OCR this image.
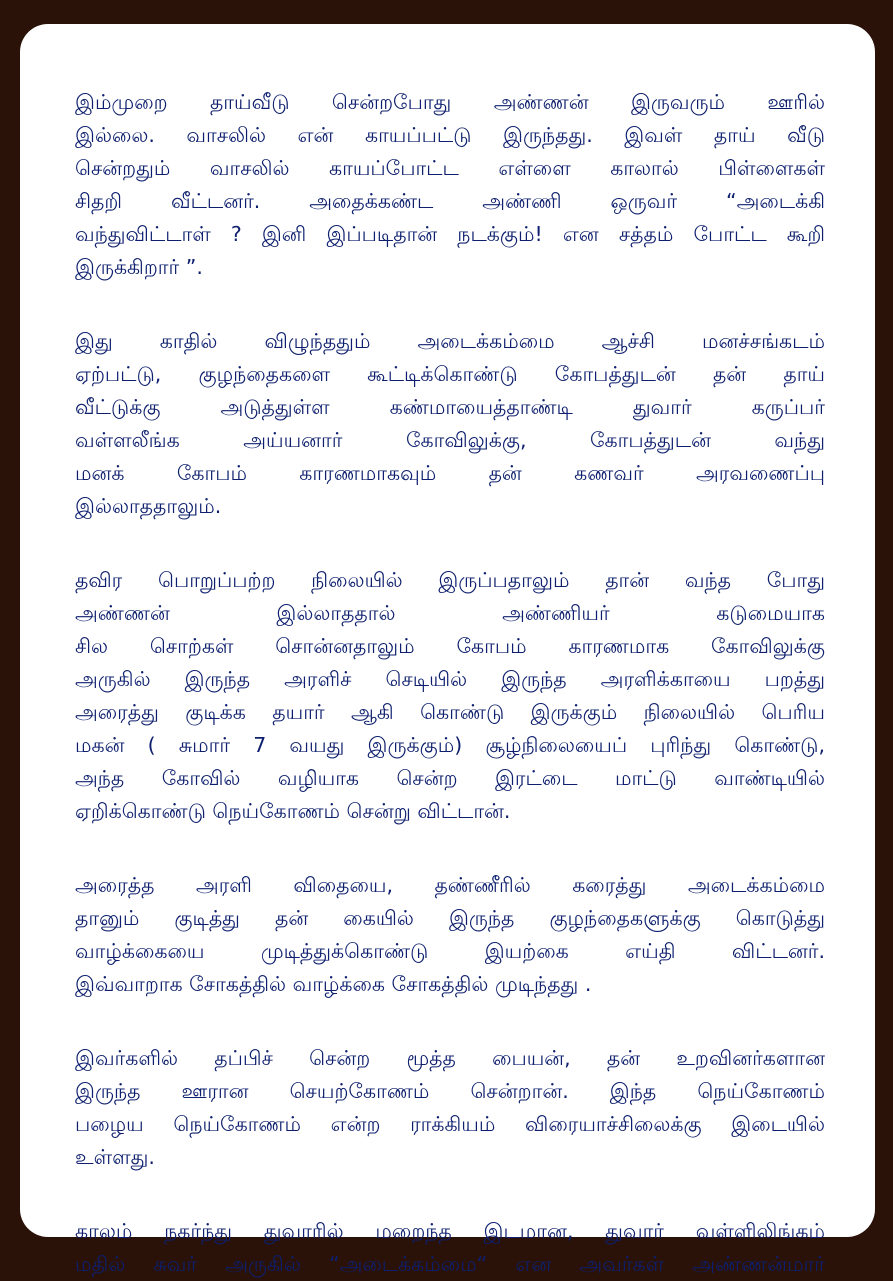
இம்முறை தாய்வீடு சென்றபோது அண்ணன் இருவரும் ஊரில்
இல்லை. வாசலில் என் காயப்பட்டு இருந்தது. இவள் தாய் வீடு
சென்றதும் வாசலில் காயப்போட்ட எள்ளை காலால் பிள்ளைகள்
சிதறி வீட்டனர். அதைக்கண்ட அண்ணி ஒருவர் “அடைக்கி
வந்துவிட்டாள் ? இனி இப்படிதான் நடக்கும்! என சத்தம் போட்ட கூறி
இருக்கிறார் ”.
இது காதில் விழுந்ததும் அடைக்கம்மை ஆச்சி மனச்சங்கடம்
ஏற்பட்டு, குழந்தைகளை கூட்டிக்கொண்டு கோபத்துடன் தன் தாய்
வீட்டுக்கு அடுத்துள்ள கண்மாயைத்தாண்டி துவார் கருப்பர்
வள்ளலீங்க அய்யனார் கோவிலுக்கு, கோபத்துடன் வந்து
மனக் கோபம் காரணமாகவும் தன் கணவர் அரவணைப்பு
இல்லாததாலும்.
தவிர பொறுப்பற்ற நிலையில் இருப்பதாலும் தான் வந்த போது
அண்ணன் இல்லாததால் அண்ணியர் கடுமையாக
சில சொற்கள் சொன்னதாலும் கோபம் காரணமாக கோவிலுக்கு
அருகில் இருந்த அரளிச் செடியில் இருந்த அரளிக்காயை பறத்து
அரைத்து குடிக்க தயார் ஆகி கொண்டு இருக்கும் நிலையில் பெரிய
மகன் ( சுமார் 7 வயது இருக்கும்) சூழ்நிலையைப் புரிந்து கொண்டு,
அந்த கோவில் வழியாக சென்ற இரட்டை மாட்டு வாண்டியில்
ஏறிக்கொண்டு நெய்கோணம் சென்று விட்டான்.
அரைத்த அரளி விதையை, தண்ணீரில் கரைத்து அடைக்கம்மை
தானும் குடித்து தன் கையில் இருந்த குழந்தைகளுக்கு கொடுத்து
வாழ்க்கையை முடித்துக்கொண்டு இயற்கை எய்தி விட்டனர்.
இவ்வாறாக சோகத்தில் வாழ்க்கை சோகத்தில் முடிந்தது .
இவர்களில் தப்பிச் சென்ற மூத்த பையன், தன் உறவினர்களான
இருந்த ஊரான செயற்கோணம் சென்றான். இந்த நெய்கோணம்
பழைய நெய்கோணம் என்ற ராக்கியம் விரையாச்சிலைக்கு இடையில்
உள்ளது.
காலம் நகர்ந்து துவாரில் மறைந்த இடமான, துவார் வள்ளிலிங்கம்
மதில் சுவர் அருகில் “அடைக்கம்மை“ என அவர்கள் அண்ணன்மார்
